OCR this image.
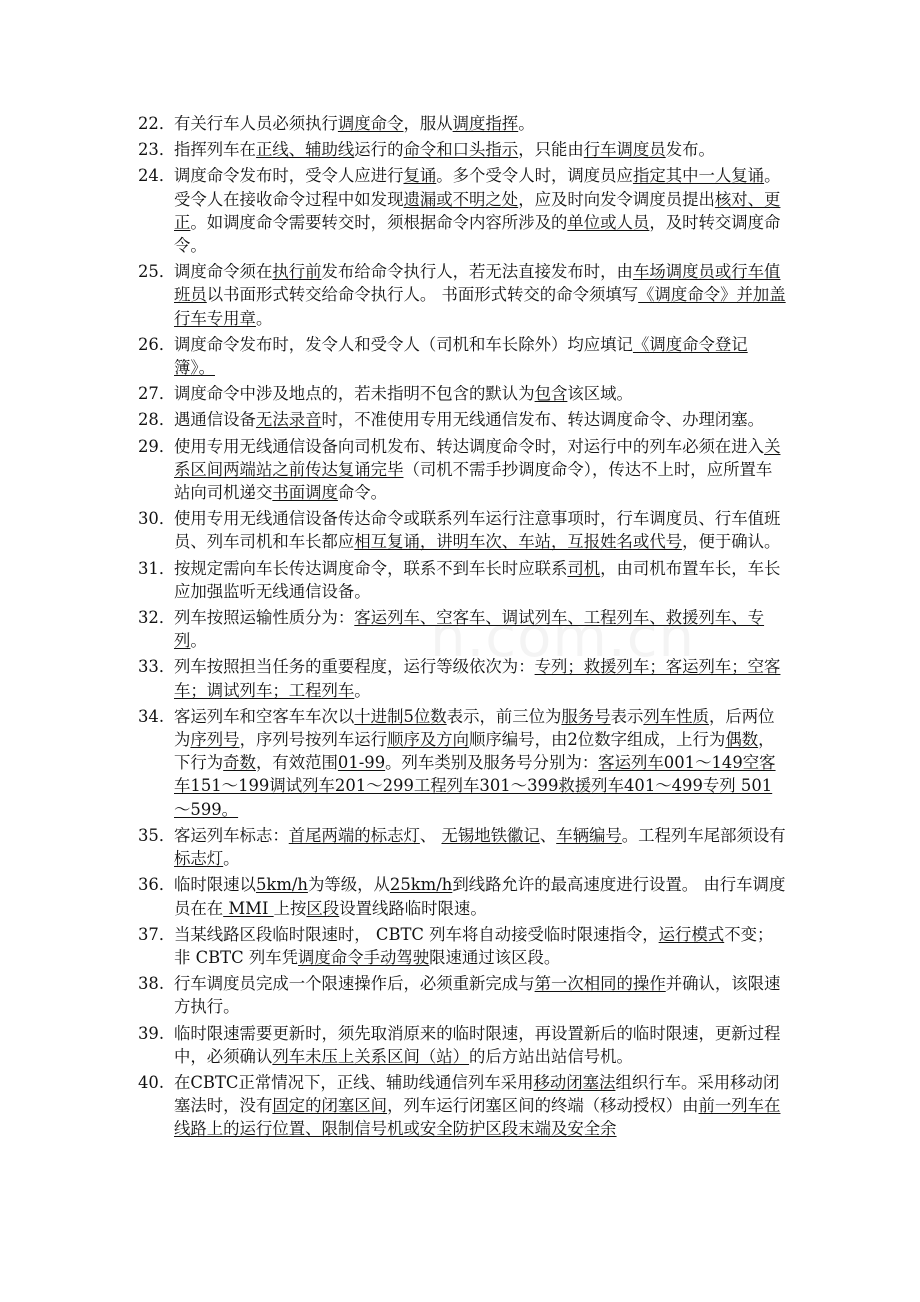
22．
有关行车人员必须执行调度命令，服从调度指挥。
23．
指挥列车在正线、辅助线运行的命令和口头指示，只能由行车调度员发布。
24．
调度命令发布时，受令人应进行复诵。多个受令人时，调度员应指定其中一人复诵。受令人在接收命令过程中如发现遗漏或不明之处，应及时向发令调度员提出核对、更正。如调度命令需要转交时，须根据命令内容所涉及的单位或人员，及时转交调度命令。
25．
调度命令须在执行前发布给命令执行人，若无法直接发布时，由车场调度员或行车值班员以书面形式转交给命令执行人。 书面形式转交的命令须填写《调度命令》并加盖行车专用章。
26．
调度命令发布时，发令人和受令人（司机和车长除外）均应填记《调度命令登记簿》。
27．
调度命令中涉及地点的，若未指明不包含的默认为包含该区域。
28．
遇通信设备无法录音时，不准使用专用无线通信发布、转达调度命令、办理闭塞。
29．
使用专用无线通信设备向司机发布、转达调度命令时，对运行中的列车必须在进入关系区间两端站之前传达复诵完毕（司机不需手抄调度命令），传达不上时，应所置车站向司机递交书面调度命令。
30．
使用专用无线通信设备传达命令或联系列车运行注意事项时，行车调度员、行车值班员、列车司机和车长都应相互复诵，讲明车次、车站，互报姓名或代号，便于确认。
31．
按规定需向车长传达调度命令，联系不到车长时应联系司机，由司机布置车长，车长应加强监听无线通信设备。
32．
列车按照运输性质分为：客运列车、空客车、调试列车、工程列车、救援列车、专列。
33．
列车按照担当任务的重要程度，运行等级依次为：专列；救援列车；客运列车；空客车；调试列车；工程列车。
34. 客运列车和空客车车次以十进制5位数表示，前三位为服务号表示列车性质，后两位为序列号，序列号按列车运行顺序及方向顺序编号，由2位数字组成，上行为偶数，下行为奇数，有效范围01-99。列车类别及服务号分别为：客运列车001～149空客车151～199调试列车201～299工程列车301～399救援列车401～499专列 501～599。
35．
客运列车标志：首尾两端的标志灯、 无锡地铁徽记、车辆编号。工程列车尾部须设有标志灯。
36．
临时限速以5km/h为等级，从25km/h到线路允许的最高速度进行设置。 由行车调度员在在 MMI 上按区段设置线路临时限速。
37．
当某线路区段临时限速时， CBTC 列车将自动接受临时限速指令，运行模式不变；非 CBTC 列车凭调度命令手动驾驶限速通过该区段。
38. 行车调度员完成一个限速操作后，必须重新完成与第一次相同的操作并确认，该限速方执行。
39. 临时限速需要更新时，须先取消原来的临时限速，再设置新后的临时限速，更新过程中，必须确认列车未压上关系区间（站）的后方站出站信号机。
40. 在CBTC正常情况下，正线、辅助线通信列车采用移动闭塞法组织行车。采用移动闭塞法时，没有固定的闭塞区间，列车运行闭塞区间的终端（移动授权）由前一列车在线路上的运行位置、限制信号机或安全防护区段末端及安全余
